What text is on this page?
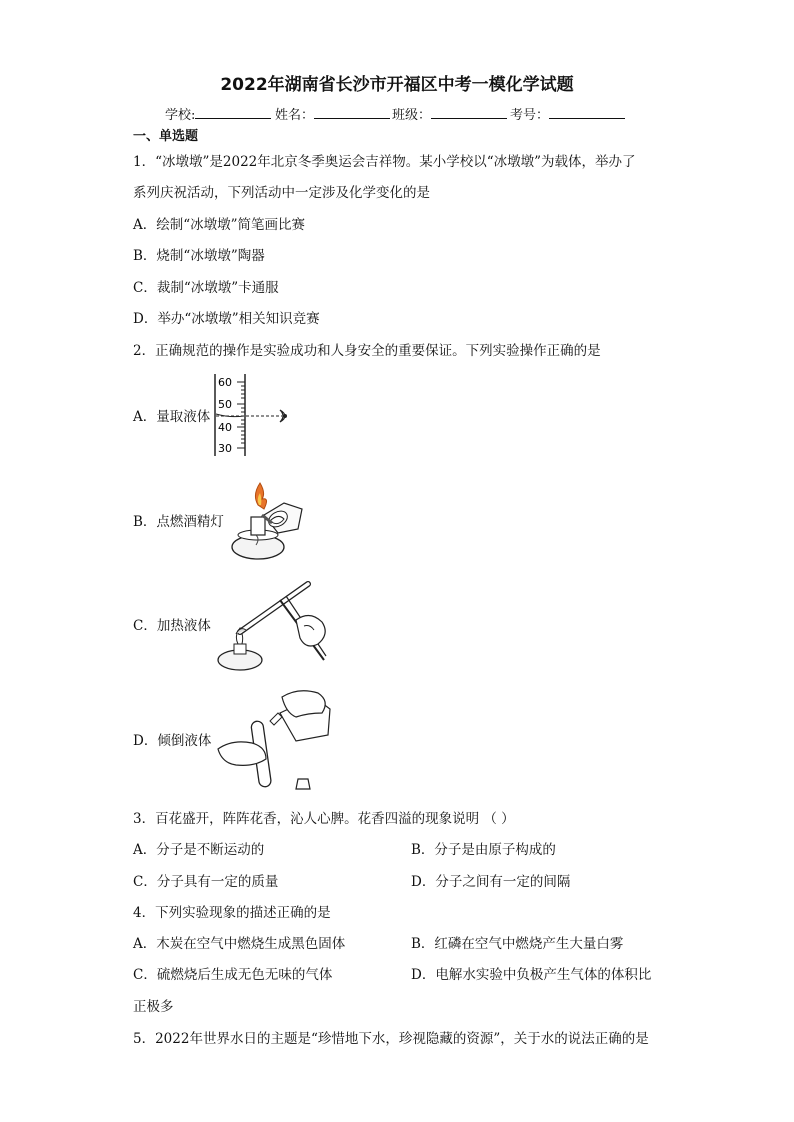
2022年湖南省长沙市开福区中考一模化学试题
学校:	姓名：	班级：	考号：
一、单选题
1．“冰墩墩”是2022年北京冬季奥运会吉祥物。某小学校以“冰墩墩”为载体，举办了
系列庆祝活动，下列活动中一定涉及化学变化的是
A．绘制“冰墩墩”简笔画比赛
B．烧制“冰墩墩”陶器
C．裁制“冰墩墩”卡通服
D．举办“冰墩墩”相关知识竞赛
2．正确规范的操作是实验成功和人身安全的重要保证。下列实验操作正确的是
A．量取液体
60
50
40
30
B．点燃酒精灯
C．加热液体
D．倾倒液体
3．百花盛开，阵阵花香，沁人心脾。花香四溢的现象说明 （ ）
A．分子是不断运动的	B．分子是由原子构成的
C．分子具有一定的质量	D．分子之间有一定的间隔
4．下列实验现象的描述正确的是
A．木炭在空气中燃烧生成黑色固体	B．红磷在空气中燃烧产生大量白雾
C．硫燃烧后生成无色无味的气体	D．电解水实验中负极产生气体的体积比
正极多
5．2022年世界水日的主题是“珍惜地下水，珍视隐藏的资源”，关于水的说法正确的是
